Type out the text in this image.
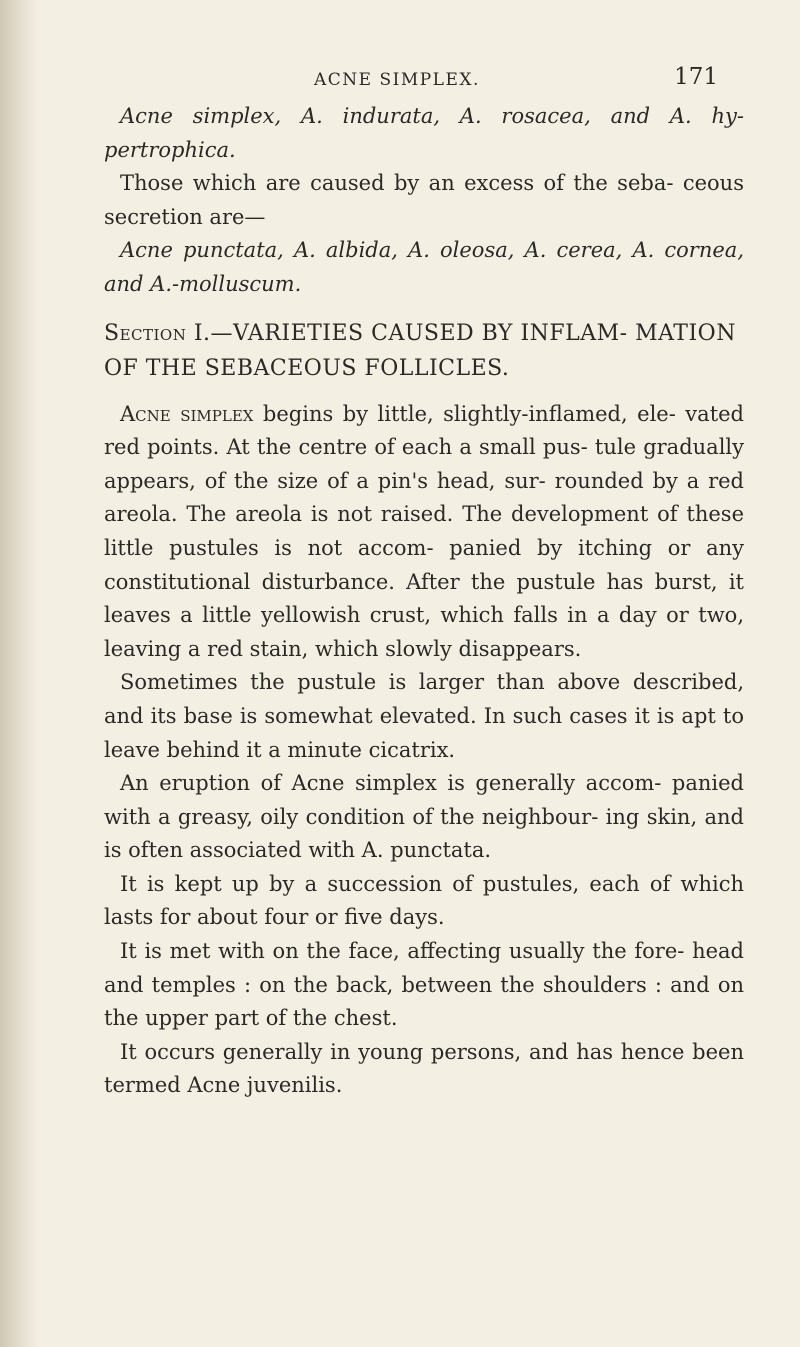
ACNE SIMPLEX.	171

Acne simplex, A. indurata, A. rosacea, and A. hy- pertrophica.

Those which are caused by an excess of the seba- ceous secretion are—

Acne punctata, A. albida, A. oleosa, A. cerea, A. cornea, and A.-molluscum.

Section I.—VARIETIES CAUSED BY INFLAM- MATION OF THE SEBACEOUS FOLLICLES.

Acne simplex begins by little, slightly-inflamed, ele- vated red points. At the centre of each a small pus- tule gradually appears, of the size of a pin's head, sur- rounded by a red areola. The areola is not raised. The development of these little pustules is not accom- panied by itching or any constitutional disturbance. After the pustule has burst, it leaves a little yellowish crust, which falls in a day or two, leaving a red stain, which slowly disappears.

Sometimes the pustule is larger than above described, and its base is somewhat elevated. In such cases it is apt to leave behind it a minute cicatrix.

An eruption of Acne simplex is generally accom- panied with a greasy, oily condition of the neighbour- ing skin, and is often associated with A. punctata.

It is kept up by a succession of pustules, each of which lasts for about four or five days.

It is met with on the face, affecting usually the fore- head and temples : on the back, between the shoulders : and on the upper part of the chest.

It occurs generally in young persons, and has hence been termed Acne juvenilis.
